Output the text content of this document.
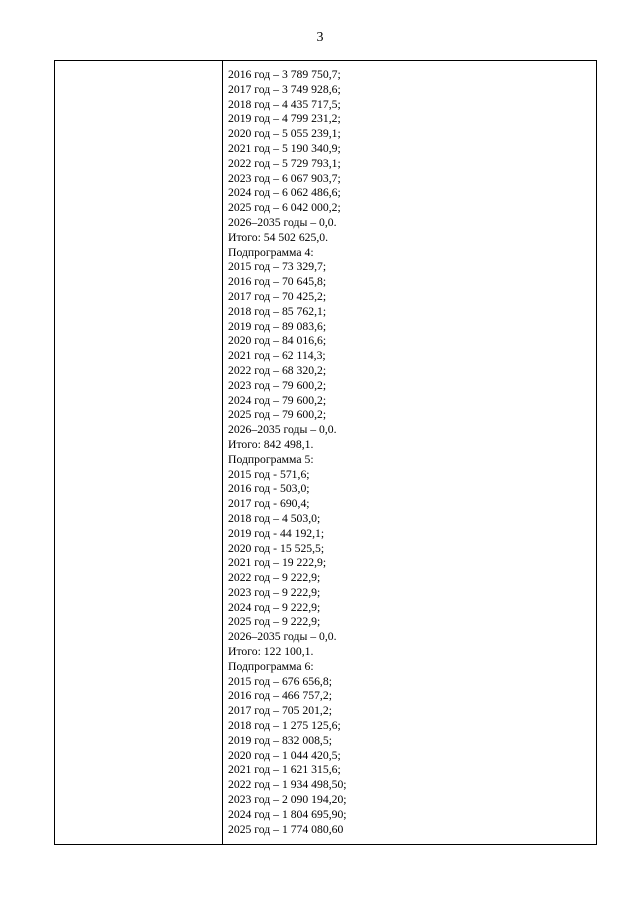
3
2016 год – 3 789 750,7;
2017 год – 3 749 928,6;
2018 год – 4 435 717,5;
2019 год – 4 799 231,2;
2020 год – 5 055 239,1;
2021 год – 5 190 340,9;
2022 год – 5 729 793,1;
2023 год – 6 067 903,7;
2024 год – 6 062 486,6;
2025 год – 6 042 000,2;
2026–2035 годы – 0,0.
Итого: 54 502 625,0.
Подпрограмма 4:
2015 год – 73 329,7;
2016 год – 70 645,8;
2017 год – 70 425,2;
2018 год – 85 762,1;
2019 год – 89 083,6;
2020 год – 84 016,6;
2021 год – 62 114,3;
2022 год – 68 320,2;
2023 год – 79 600,2;
2024 год – 79 600,2;
2025 год – 79 600,2;
2026–2035 годы – 0,0.
Итого: 842 498,1.
Подпрограмма 5:
2015 год - 571,6;
2016 год - 503,0;
2017 год - 690,4;
2018 год – 4 503,0;
2019 год - 44 192,1;
2020 год - 15 525,5;
2021 год – 19 222,9;
2022 год – 9 222,9;
2023 год – 9 222,9;
2024 год – 9 222,9;
2025 год – 9 222,9;
2026–2035 годы – 0,0.
Итого: 122 100,1.
Подпрограмма 6:
2015 год – 676 656,8;
2016 год – 466 757,2;
2017 год – 705 201,2;
2018 год – 1 275 125,6;
2019 год – 832 008,5;
2020 год – 1 044 420,5;
2021 год – 1 621 315,6;
2022 год – 1 934 498,50;
2023 год – 2 090 194,20;
2024 год – 1 804 695,90;
2025 год – 1 774 080,60
